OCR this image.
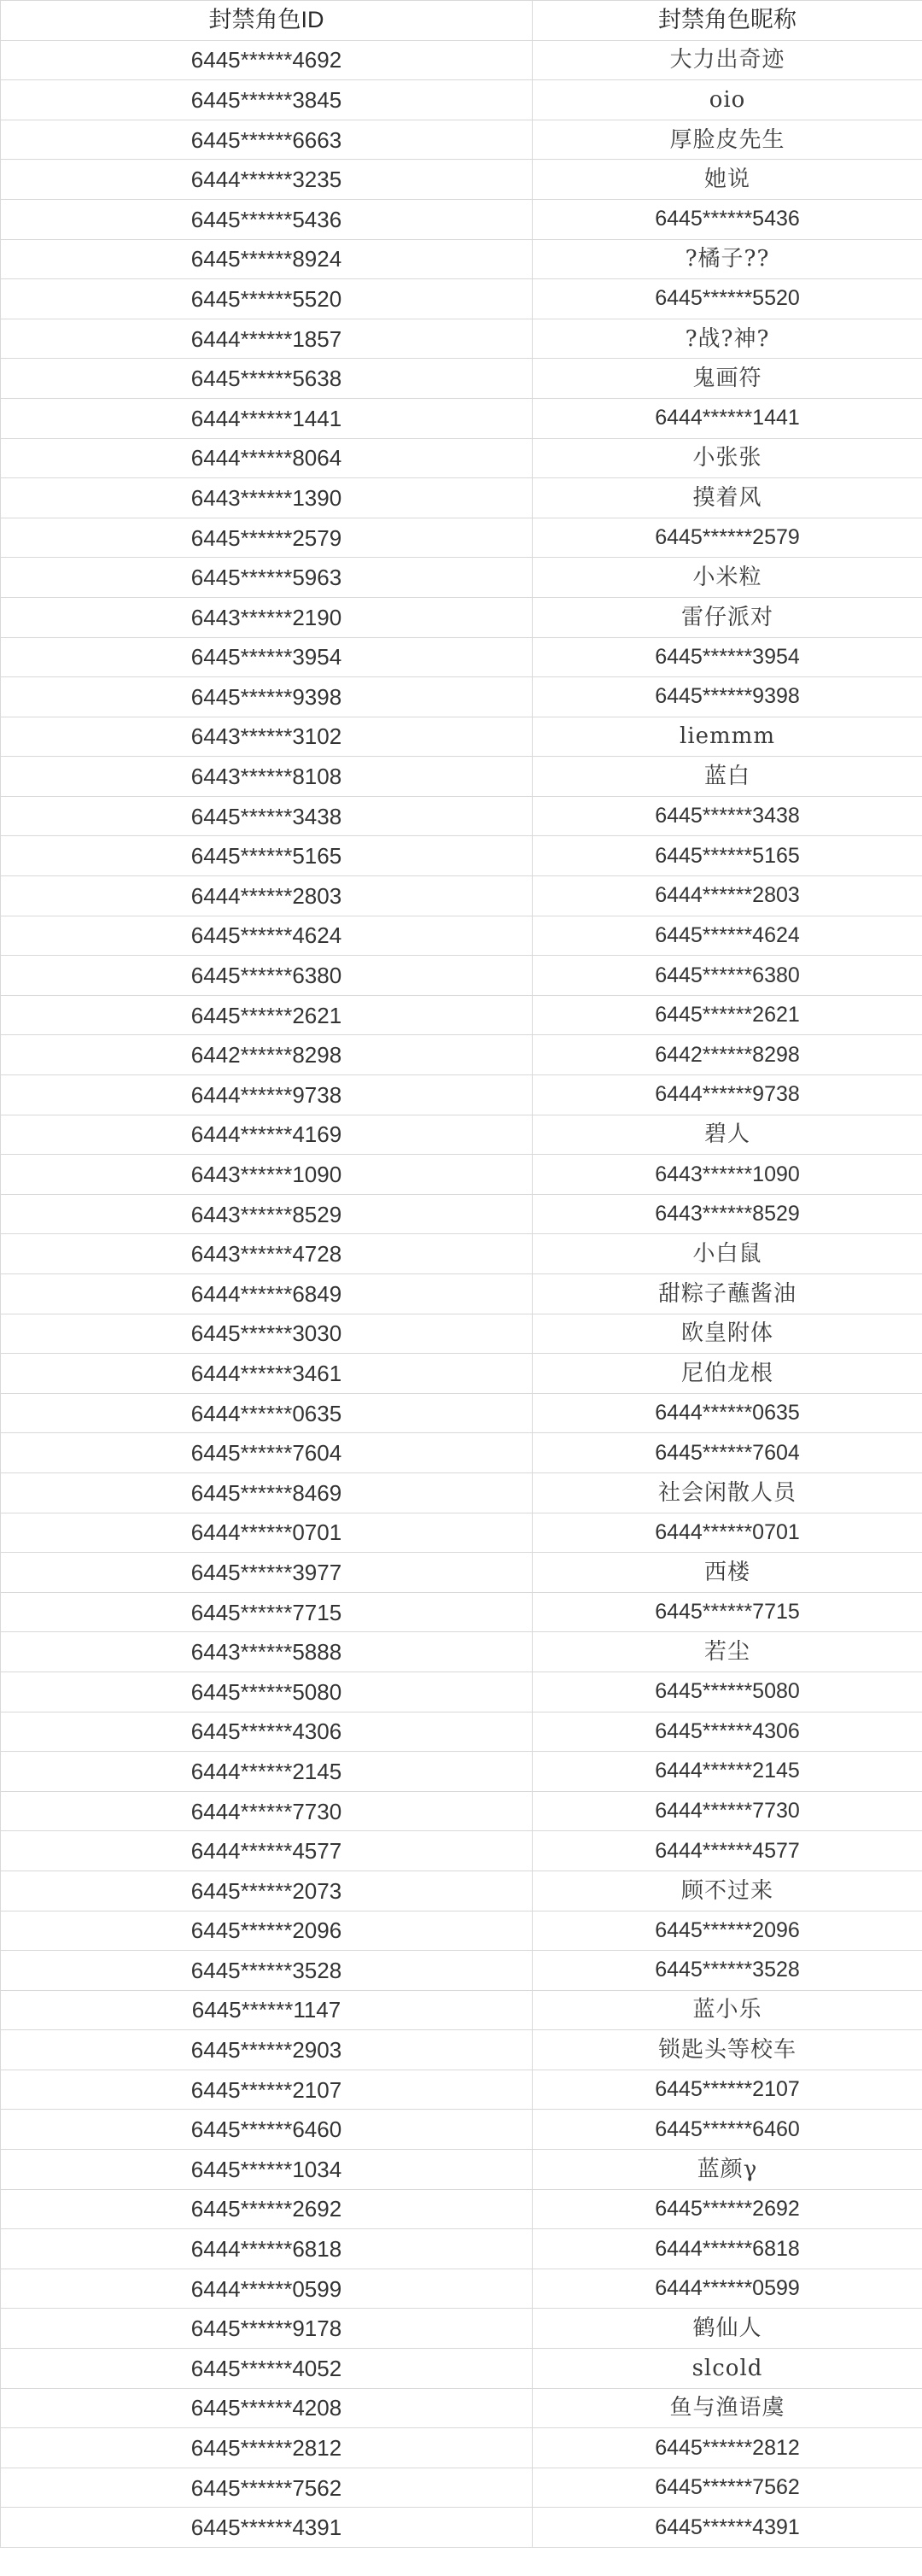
封禁角色ID	封禁角色昵称
6445******4692	大力出奇迹
6445******3845	oio
6445******6663	厚脸皮先生
6444******3235	她说
6445******5436	6445******5436
6445******8924	?橘子??
6445******5520	6445******5520
6444******1857	?战?神?
6445******5638	鬼画符
6444******1441	6444******1441
6444******8064	小张张
6443******1390	摸着风
6445******2579	6445******2579
6445******5963	小米粒
6443******2190	雷仔派对
6445******3954	6445******3954
6445******9398	6445******9398
6443******3102	liemmm
6443******8108	蓝白
6445******3438	6445******3438
6445******5165	6445******5165
6444******2803	6444******2803
6445******4624	6445******4624
6445******6380	6445******6380
6445******2621	6445******2621
6442******8298	6442******8298
6444******9738	6444******9738
6444******4169	碧人
6443******1090	6443******1090
6443******8529	6443******8529
6443******4728	小白鼠
6444******6849	甜粽子蘸酱油
6445******3030	欧皇附体
6444******3461	尼伯龙根
6444******0635	6444******0635
6445******7604	6445******7604
6445******8469	社会闲散人员
6444******0701	6444******0701
6445******3977	西楼
6445******7715	6445******7715
6443******5888	若尘
6445******5080	6445******5080
6445******4306	6445******4306
6444******2145	6444******2145
6444******7730	6444******7730
6444******4577	6444******4577
6445******2073	顾不过来
6445******2096	6445******2096
6445******3528	6445******3528
6445******1147	蓝小乐
6445******2903	锁匙头等校车
6445******2107	6445******2107
6445******6460	6445******6460
6445******1034	蓝颜γ
6445******2692	6445******2692
6444******6818	6444******6818
6444******0599	6444******0599
6445******9178	鹤仙人
6445******4052	slcold
6445******4208	鱼与渔语虞
6445******2812	6445******2812
6445******7562	6445******7562
6445******4391	6445******4391
